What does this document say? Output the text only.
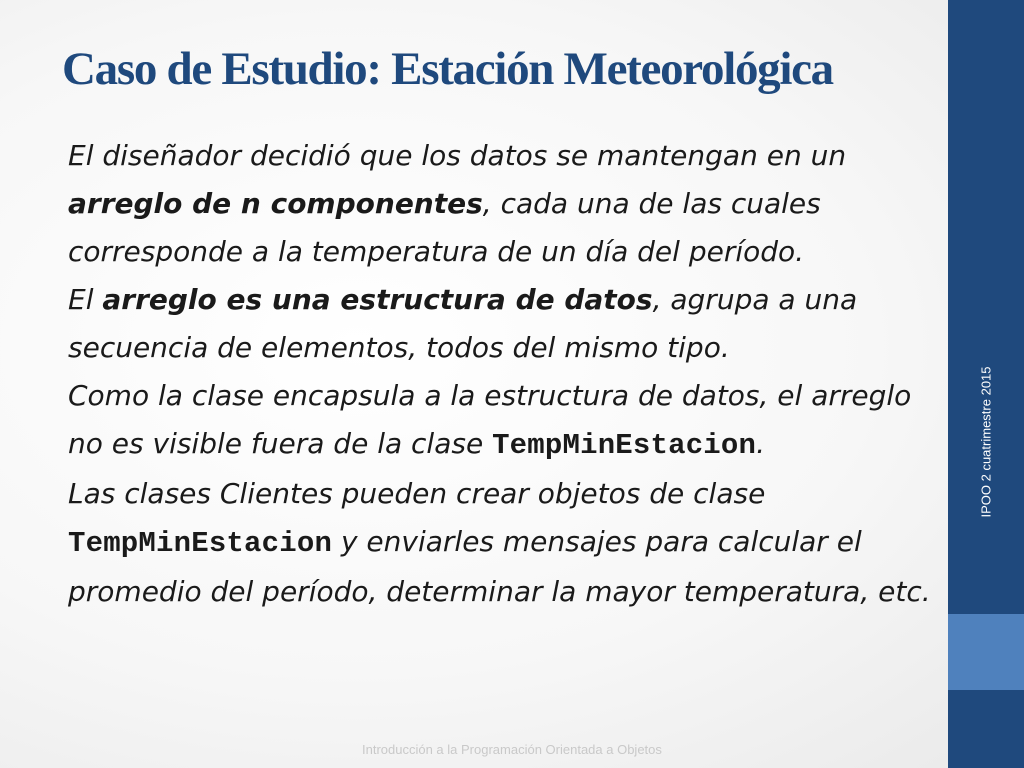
IPOO 2 cuatrimestre 2015
Caso de Estudio: Estación Meteorológica

El diseñador decidió que los datos se mantengan en un arreglo de n componentes, cada una de las cuales corresponde a la temperatura de un día del período.

El arreglo es una estructura de datos, agrupa a una secuencia de elementos, todos del mismo tipo.

Como la clase encapsula a la estructura de datos, el arreglo no es visible fuera de la clase TempMinEstacion.

Las clases Clientes pueden crear objetos de clase TempMinEstacion y enviarles mensajes para calcular el promedio del período, determinar la mayor temperatura, etc.

Introducción a la Programación Orientada a Objetos
